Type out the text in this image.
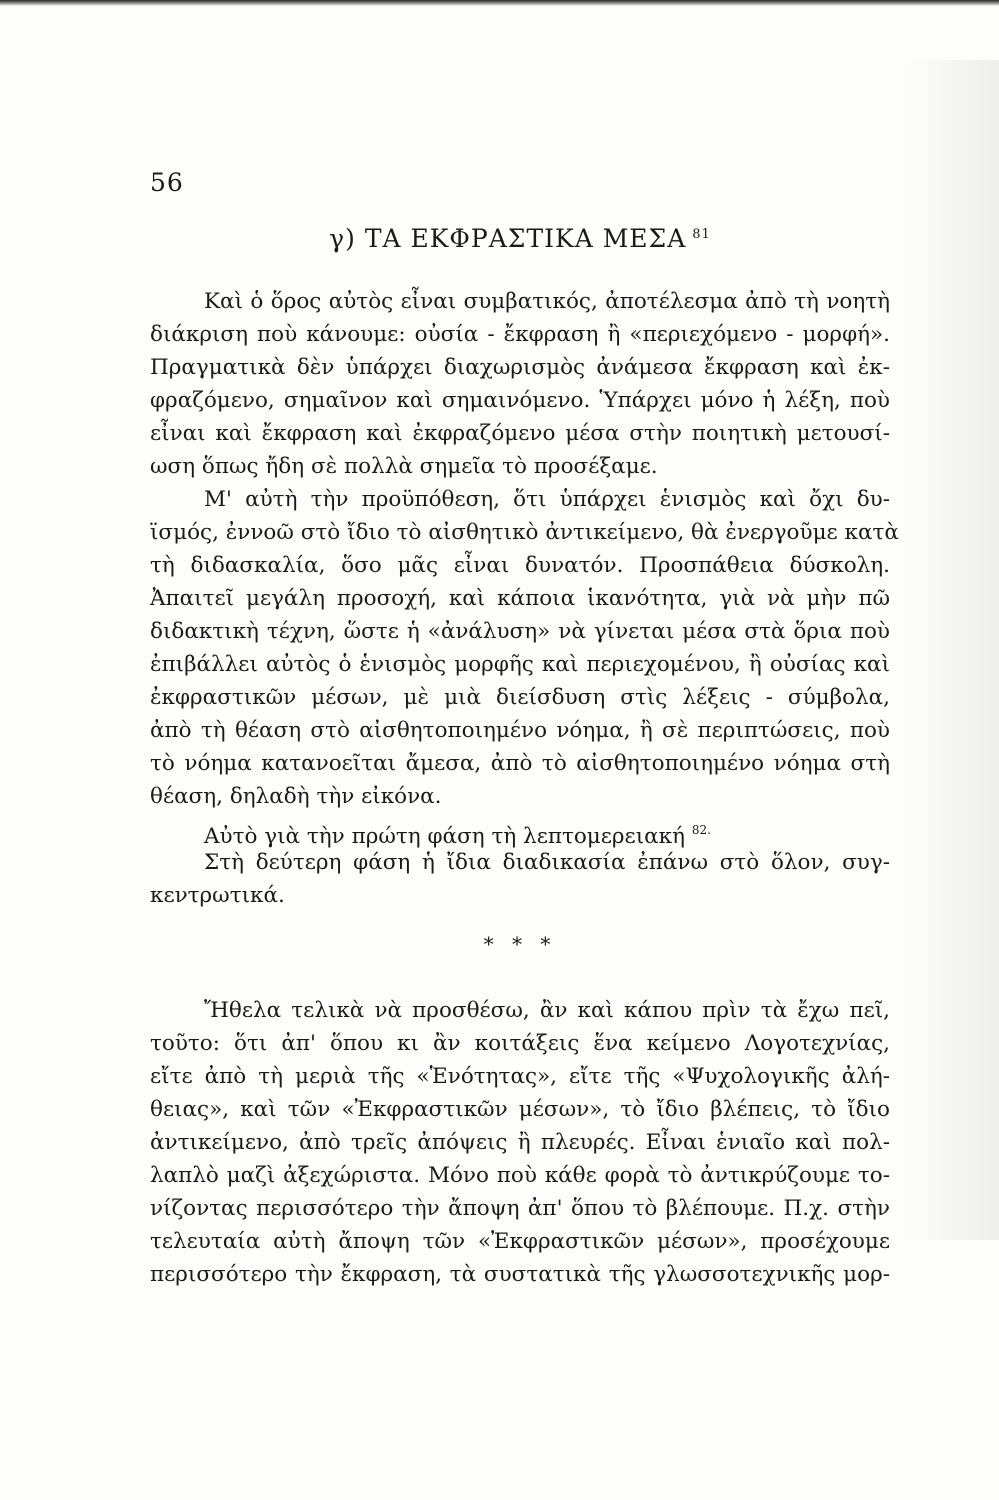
56
γ) ΤΑ ΕΚΦΡΑΣΤΙΚΑ ΜΕΣΑ $^{81}$
Καὶ ὁ ὅρος αὐτὸς εἶναι συμβατικός, ἀποτέλεσμα ἀπὸ τὴ νοητὴ
διάκριση ποὺ κάνουμε: οὐσία - ἔκφραση ἢ «περιεχόμενο - μορφή».
Πραγματικὰ δὲν ὑπάρχει διαχωρισμὸς ἀνάμεσα ἔκφραση καὶ ἐκ-
φραζόμενο, σημαῖνον καὶ σημαινόμενο. Ὑπάρχει μόνο ἡ λέξη, ποὺ
εἶναι καὶ ἔκφραση καὶ ἐκφραζόμενο μέσα στὴν ποιητικὴ μετουσί-
ωση ὅπως ἤδη σὲ πολλὰ σημεῖα τὸ προσέξαμε.
Μ' αὐτὴ τὴν προϋπόθεση, ὅτι ὑπάρχει ἑνισμὸς καὶ ὄχι δυ-
ϊσμός, ἐννοῶ στὸ ἴδιο τὸ αἰσθητικὸ ἀντικείμενο, θὰ ἐνεργοῦμε κατὰ
τὴ διδασκαλία, ὅσο μᾶς εἶναι δυνατόν. Προσπάθεια δύσκολη.
Ἀπαιτεῖ μεγάλη προσοχή, καὶ κάποια ἱκανότητα, γιὰ νὰ μὴν πῶ
διδακτικὴ τέχνη, ὥστε ἡ «ἀνάλυση» νὰ γίνεται μέσα στὰ ὅρια ποὺ
ἐπιβάλλει αὐτὸς ὁ ἑνισμὸς μορφῆς καὶ περιεχομένου, ἢ οὐσίας καὶ
ἐκφραστικῶν μέσων, μὲ μιὰ διείσδυση στὶς λέξεις - σύμβολα,
ἀπὸ τὴ θέαση στὸ αἰσθητοποιημένο νόημα, ἢ σὲ περιπτώσεις, ποὺ
τὸ νόημα κατανοεῖται ἄμεσα, ἀπὸ τὸ αἰσθητοποιημένο νόημα στὴ
θέαση, δηλαδὴ τὴν εἰκόνα.
Αὐτὸ γιὰ τὴν πρώτη φάση τὴ λεπτομερειακή $^{82.}$
Στὴ δεύτερη φάση ἡ ἴδια διαδικασία ἐπάνω στὸ ὅλον, συγ-
κεντρωτικά.
* * *
Ἤθελα τελικὰ νὰ προσθέσω, ἂν καὶ κάπου πρὶν τὰ ἔχω πεῖ,
τοῦτο: ὅτι ἀπ' ὅπου κι ἂν κοιτάξεις ἕνα κείμενο Λογοτεχνίας,
εἴτε ἀπὸ τὴ μεριὰ τῆς «Ἑνότητας», εἴτε τῆς «Ψυχολογικῆς ἀλή-
θειας», καὶ τῶν «Ἐκφραστικῶν μέσων», τὸ ἴδιο βλέπεις, τὸ ἴδιο
ἀντικείμενο, ἀπὸ τρεῖς ἀπόψεις ἢ πλευρές. Εἶναι ἑνιαῖο καὶ πολ-
λαπλὸ μαζὶ ἀξεχώριστα. Μόνο ποὺ κάθε φορὰ τὸ ἀντικρύζουμε το-
νίζοντας περισσότερο τὴν ἄποψη ἀπ' ὅπου τὸ βλέπουμε. Π.χ. στὴν
τελευταία αὐτὴ ἄποψη τῶν «Ἐκφραστικῶν μέσων», προσέχουμε
περισσότερο τὴν ἔκφραση, τὰ συστατικὰ τῆς γλωσσοτεχνικῆς μορ-
